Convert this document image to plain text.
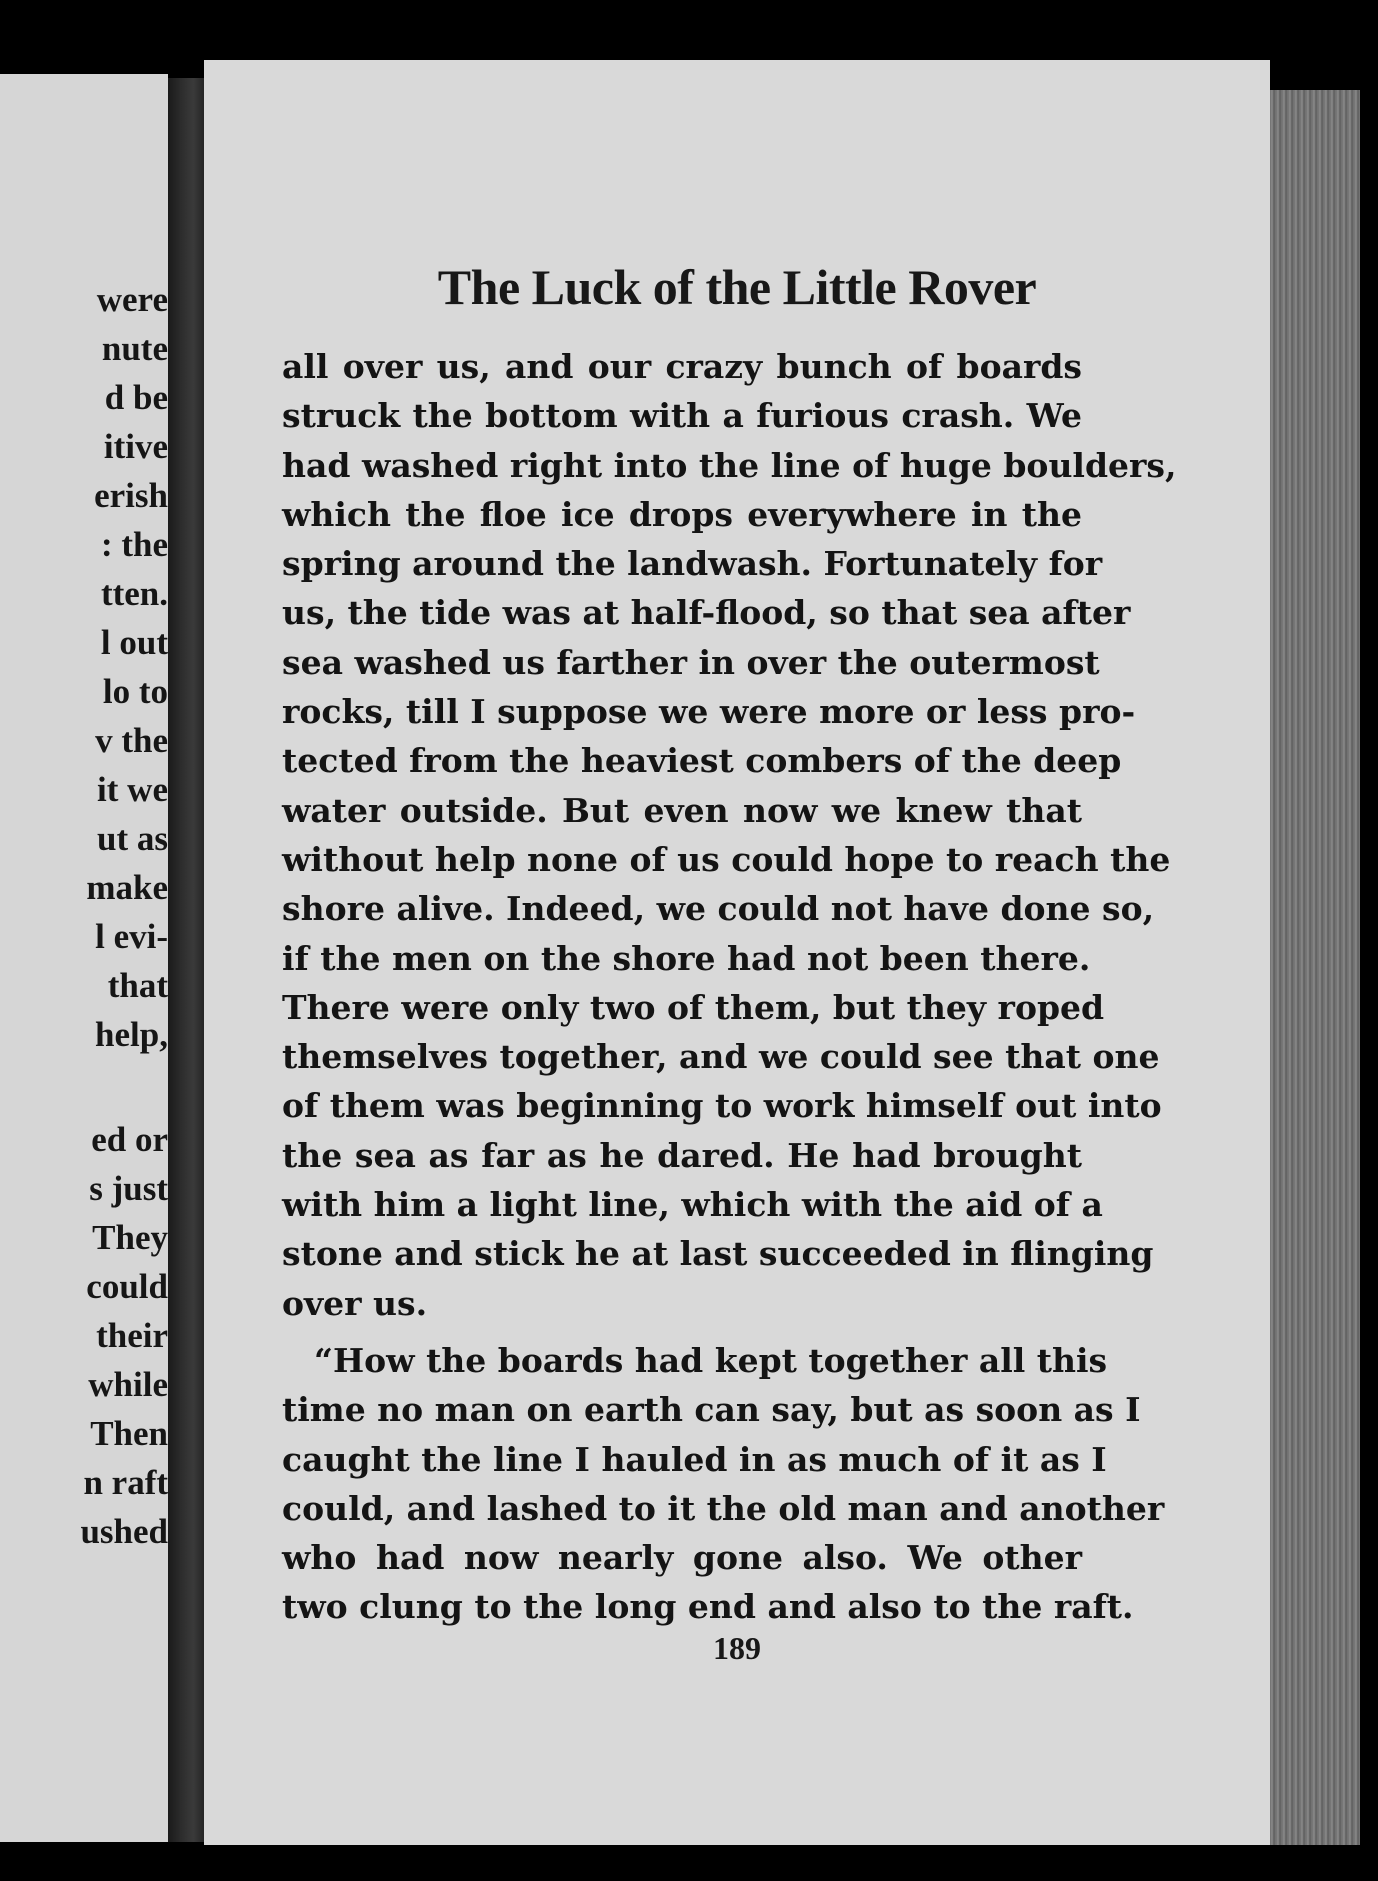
were
nute
d be
itive
erish
: the
tten.
l out
lo to
v the
it we
ut as
make
l evi-
that
help,
ed or
s just
They
could
their
while
Then
n raft
ushed
The Luck of the Little Rover
all over us, and our crazy bunch of boards
struck the bottom with a furious crash. We
had washed right into the line of huge boulders,
which the floe ice drops everywhere in the
spring around the landwash. Fortunately for
us, the tide was at half-flood, so that sea after
sea washed us farther in over the outermost
rocks, till I suppose we were more or less pro-
tected from the heaviest combers of the deep
water outside. But even now we knew that
without help none of us could hope to reach the
shore alive. Indeed, we could not have done so,
if the men on the shore had not been there.
There were only two of them, but they roped
themselves together, and we could see that one
of them was beginning to work himself out into
the sea as far as he dared. He had brought
with him a light line, which with the aid of a
stone and stick he at last succeeded in flinging
over us.
“How the boards had kept together all this
time no man on earth can say, but as soon as I
caught the line I hauled in as much of it as I
could, and lashed to it the old man and another
who had now nearly gone also. We other
two clung to the long end and also to the raft.
189
